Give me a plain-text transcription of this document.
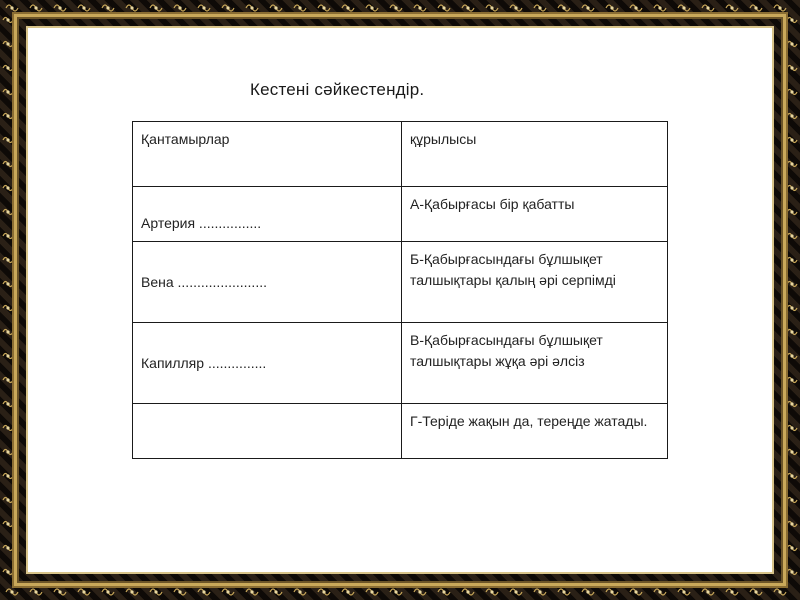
Кестені сәйкестендір.
Қантамырлар	құрылысы
Артерия ................	А-Қабырғасы бір қабатты
Вена .......................	Б-Қабырғасындағы бұлшықет талшықтары қалың әрі серпімді
Капилляр ...............	В-Қабырғасындағы бұлшықет талшықтары жұқа әрі әлсіз
	Г-Теріде жақын да, тереңде жатады.
